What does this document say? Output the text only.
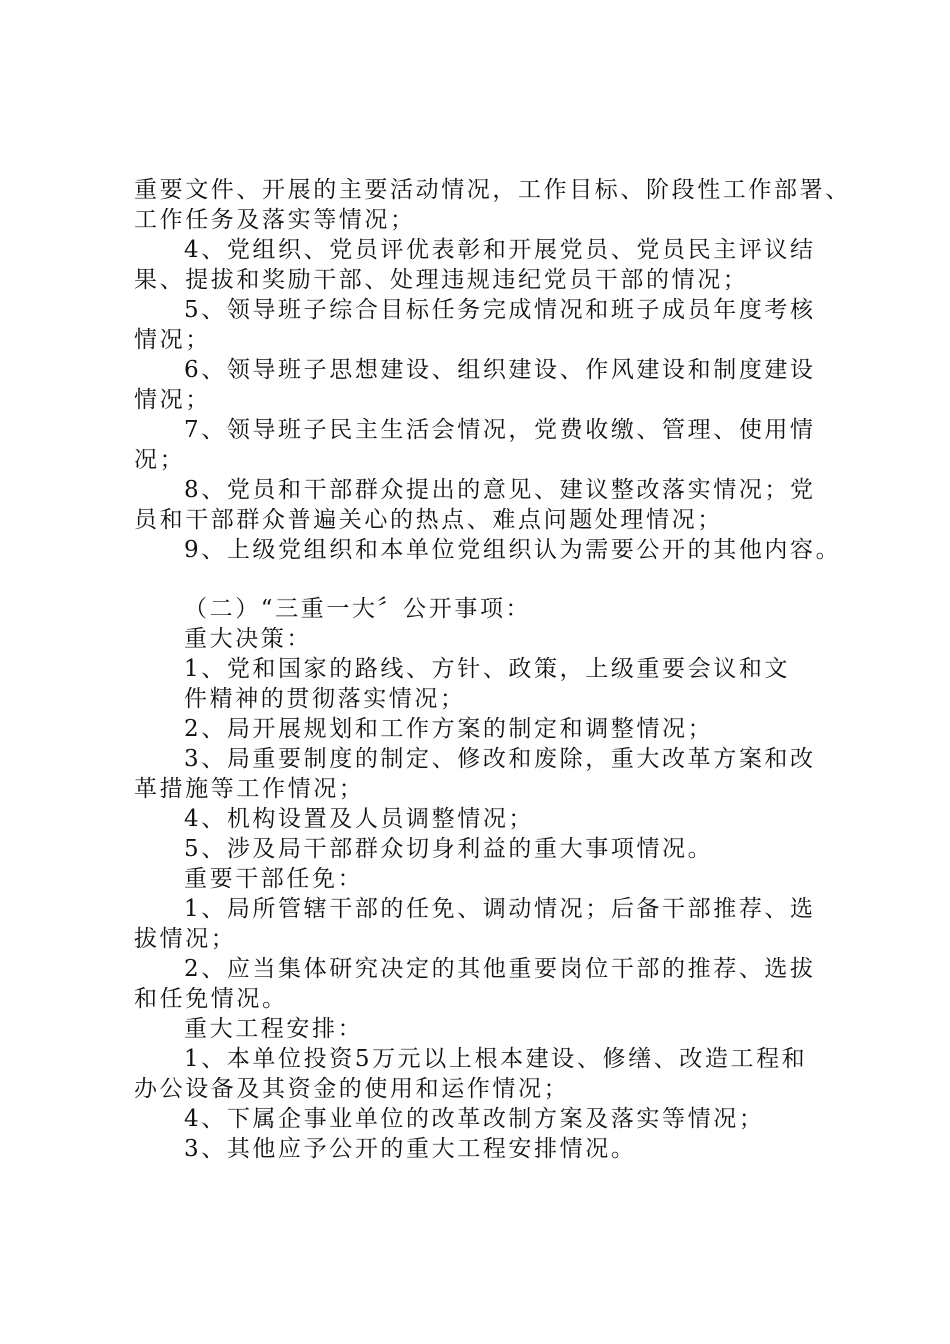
重要文件、开展的主要活动情况，工作目标、阶段性工作部署、
工作任务及落实等情况；
4、党组织、党员评优表彰和开展党员、党员民主评议结
果、提拔和奖励干部、处理违规违纪党员干部的情况；
5、领导班子综合目标任务完成情况和班子成员年度考核
情况；
6、领导班子思想建设、组织建设、作风建设和制度建设
情况；
7、领导班子民主生活会情况，党费收缴、管理、使用情
况；
8、党员和干部群众提出的意见、建议整改落实情况；党
员和干部群众普遍关心的热点、难点问题处理情况；
9、上级党组织和本单位党组织认为需要公开的其他内容。
（二）“三重一大〞公开事项：
重大决策：
1、党和国家的路线、方针、政策，上级重要会议和文
件精神的贯彻落实情况；
2、局开展规划和工作方案的制定和调整情况；
3、局重要制度的制定、修改和废除，重大改革方案和改
革措施等工作情况；
4、机构设置及人员调整情况；
5、涉及局干部群众切身利益的重大事项情况。
重要干部任免：
1、局所管辖干部的任免、调动情况；后备干部推荐、选
拔情况；
2、应当集体研究决定的其他重要岗位干部的推荐、选拔
和任免情况。
重大工程安排：
1、本单位投资5万元以上根本建设、修缮、改造工程和
办公设备及其资金的使用和运作情况；
4、下属企事业单位的改革改制方案及落实等情况；
3、其他应予公开的重大工程安排情况。
